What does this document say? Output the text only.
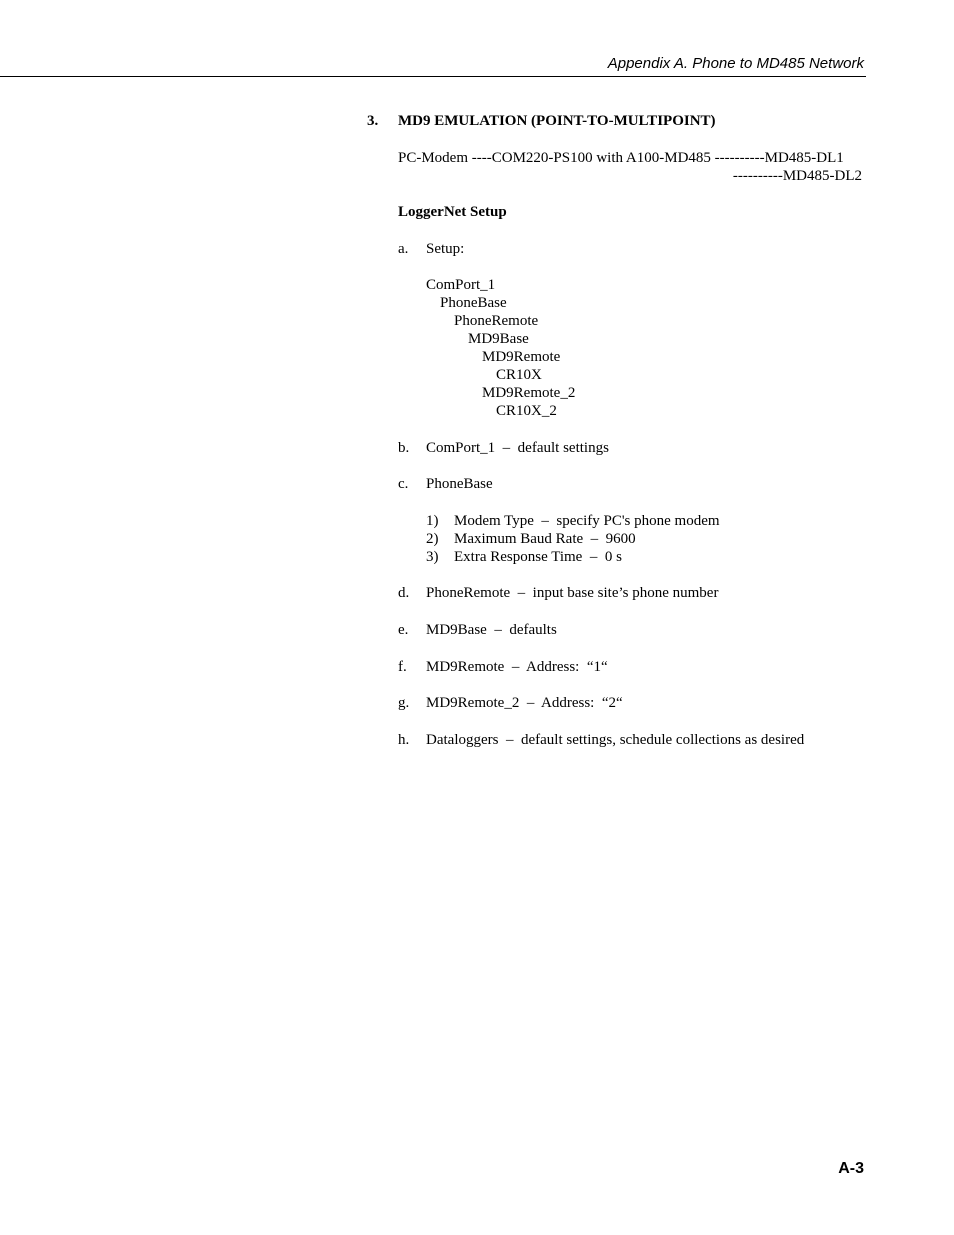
Appendix A. Phone to MD485 Network
3. MD9 EMULATION (POINT-TO-MULTIPOINT)
PC-Modem ----COM220-PS100 with A100-MD485 ----------MD485-DL1
----------MD485-DL2
LoggerNet Setup
a. Setup:
ComPort_1
PhoneBase
PhoneRemote
MD9Base
MD9Remote
CR10X
MD9Remote_2
CR10X_2
b. ComPort_1  –  default settings
c. PhoneBase
1) Modem Type  –  specify PC's phone modem
2) Maximum Baud Rate  –  9600
3) Extra Response Time  –  0 s
d. PhoneRemote  –  input base site’s phone number
e. MD9Base  –  defaults
f. MD9Remote  –  Address:  “1“
g. MD9Remote_2  –  Address:  “2“
h. Dataloggers  –  default settings, schedule collections as desired
A-3
